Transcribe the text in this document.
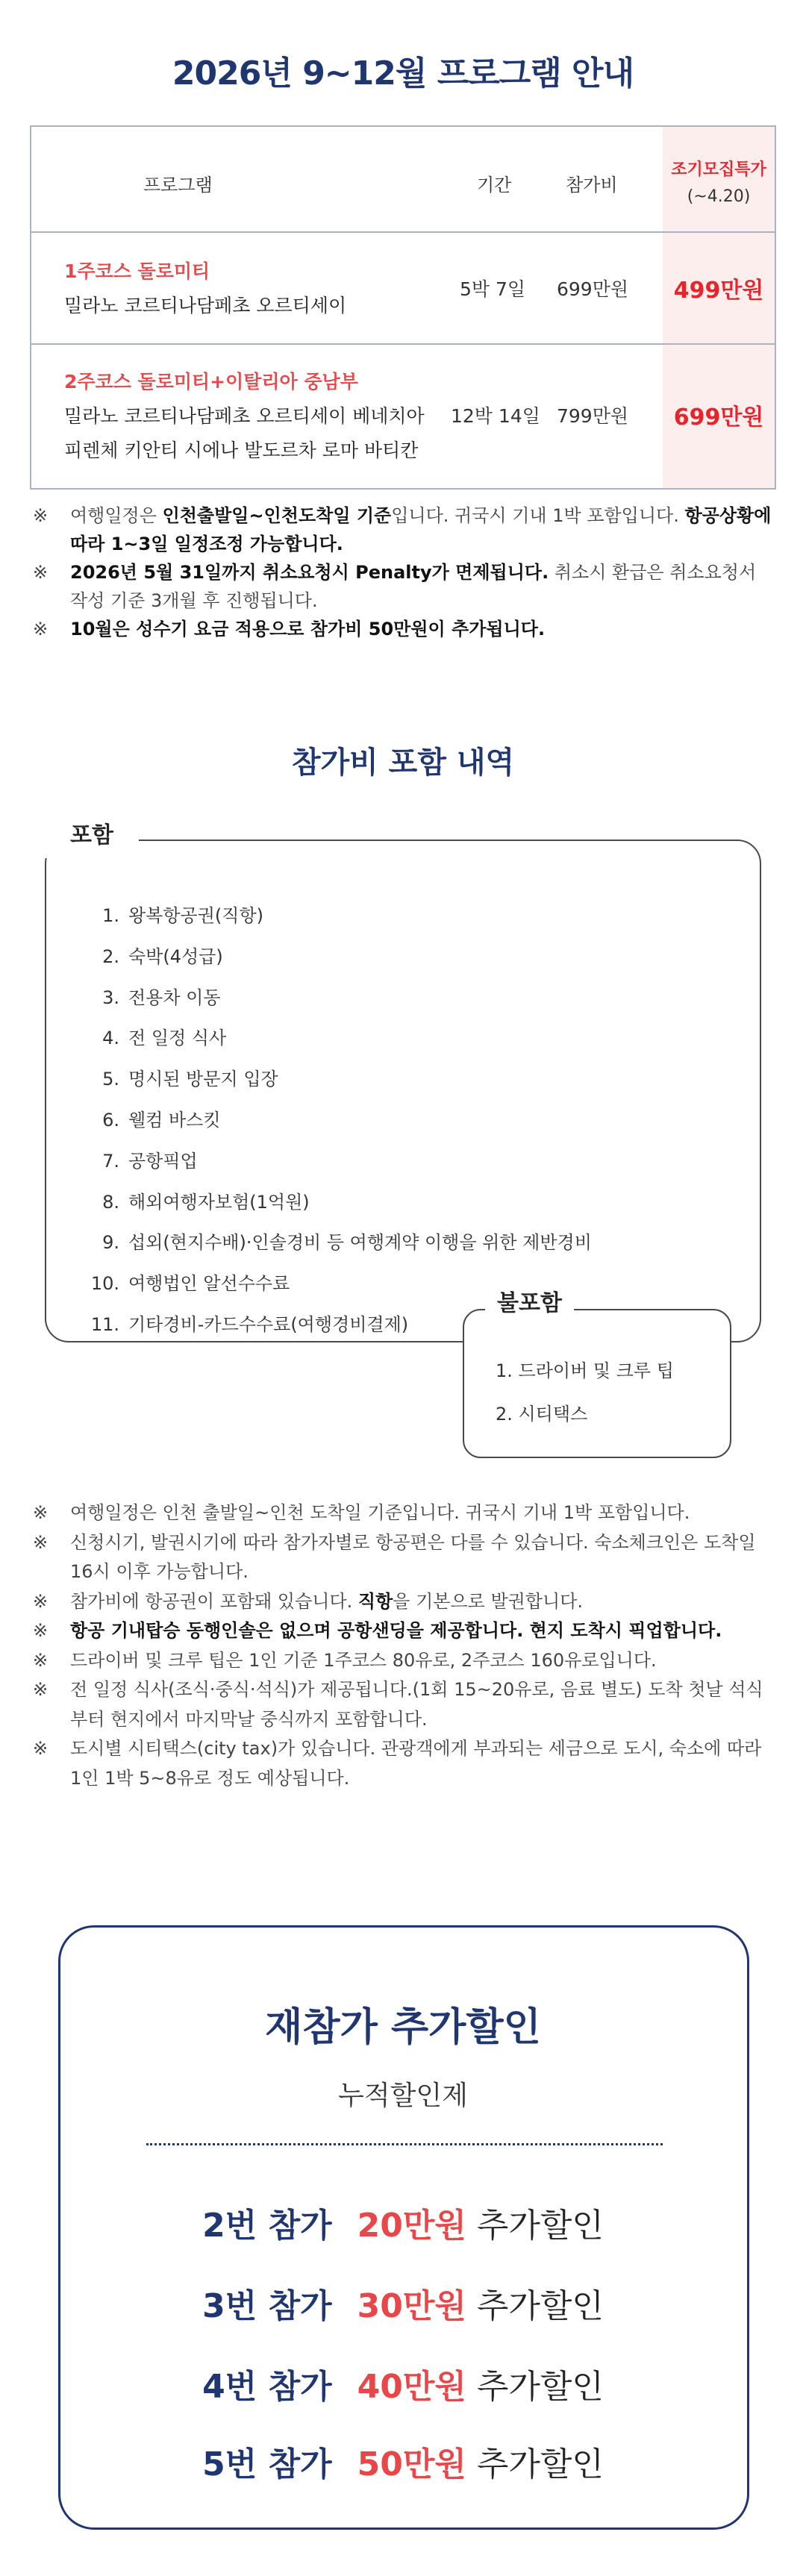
2026년 9~12월 프로그램 안내
프로그램	기간	참가비
조기모집특가
(~4.20)
1주코스 돌로미티
밀라노 코르티나담페초 오르티세이
5박 7일 699만원	499만원
2주코스 돌로미티+이탈리아 중남부
밀라노 코르티나담페초 오르티세이 베네치아
피렌체 키안티 시에나 발도르차 로마 바티칸
12박 14일 799만원	699만원
※ 여행일정은 인천출발일~인천도착일 기준입니다. 귀국시 기내 1박 포함입니다. 항공상황에 따라 1~3일 일정조정 가능합니다.
※ 2026년 5월 31일까지 취소요청시 Penalty가 면제됩니다. 취소시 환급은 취소요청서 작성 기준 3개월 후 진행됩니다.
※ 10월은 성수기 요금 적용으로 참가비 50만원이 추가됩니다.
참가비 포함 내역
포함
1. 왕복항공권(직항)
2. 숙박(4성급)
3. 전용차 이동
4. 전 일정 식사
5. 명시된 방문지 입장
6. 웰컴 바스킷
7. 공항픽업
8. 해외여행자보험(1억원)
9. 섭외(현지수배)·인솔경비 등 여행계약 이행을 위한 제반경비
10. 여행법인 알선수수료
11. 기타경비-카드수수료(여행경비결제)
불포함
1. 드라이버 및 크루 팁
2. 시티택스
※ 여행일정은 인천 출발일~인천 도착일 기준입니다. 귀국시 기내 1박 포함입니다.
※ 신청시기, 발권시기에 따라 참가자별로 항공편은 다를 수 있습니다. 숙소체크인은 도착일 16시 이후 가능합니다.
※ 참가비에 항공권이 포함돼 있습니다. 직항을 기본으로 발권합니다.
※ 항공 기내탑승 동행인솔은 없으며 공항샌딩을 제공합니다. 현지 도착시 픽업합니다.
※ 드라이버 및 크루 팁은 1인 기준 1주코스 80유로, 2주코스 160유로입니다.
※ 전 일정 식사(조식·중식·석식)가 제공됩니다.(1회 15~20유로, 음료 별도) 도착 첫날 석식부터 현지에서 마지막날 중식까지 포함합니다.
※ 도시별 시티택스(city tax)가 있습니다. 관광객에게 부과되는 세금으로 도시, 숙소에 따라 1인 1박 5~8유로 정도 예상됩니다.
재참가 추가할인
누적할인제
2번 참가 20만원 추가할인
3번 참가 30만원 추가할인
4번 참가 40만원 추가할인
5번 참가 50만원 추가할인
